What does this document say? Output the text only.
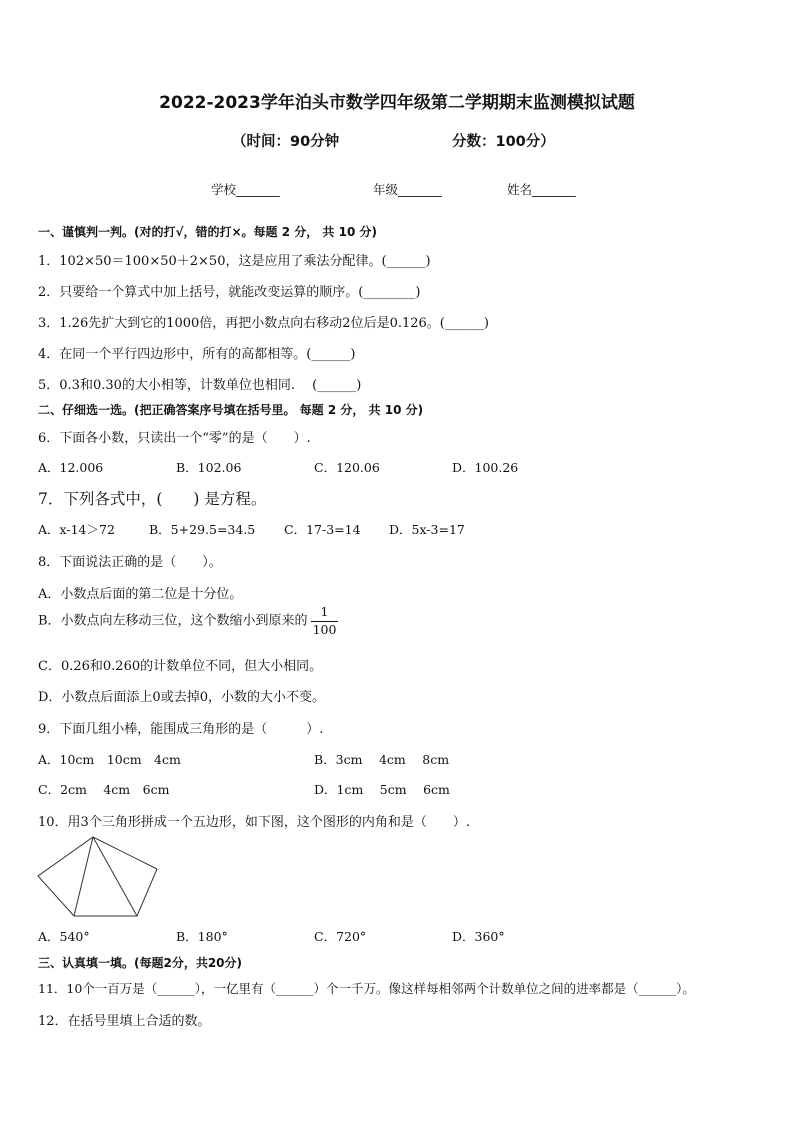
2022-2023学年泊头市数学四年级第二学期期末监测模拟试题
（时间：90分钟	分数：100分）
学校_______	年级_______	姓名_______
一、谨慎判一判。(对的打√，错的打×。每题 2 分， 共 10 分)
1．102×50＝100×50＋2×50，这是应用了乘法分配律。(______)
2．只要给一个算式中加上括号，就能改变运算的顺序。(________)
3．1.26先扩大到它的1000倍，再把小数点向右移动2位后是0.126。(______)
4．在同一个平行四边形中，所有的高都相等。(______)
5．0.3和0.30的大小相等，计数单位也相同.　 (______)
二、仔细选一选。(把正确答案序号填在括号里。 每题 2 分， 共 10 分)
6．下面各小数，只读出一个“零”的是（　　）.
A．12.006	B．102.06	C．120.06	D．100.26
7．下列各式中，(　　) 是方程。
A．x-14＞72	B．5+29.5=34.5 C．17-3=14 D．5x-3=17
8．下面说法正确的是（　　）。
A．小数点后面的第二位是十分位。
B．小数点向左移动三位，这个数缩小到原来的 $\frac{1}{100}$
C．0.26和0.260的计数单位不同，但大小相同。
D．小数点后面添上0或去掉0，小数的大小不变。
9．下面几组小棒，能围成三角形的是（　　　）.
A．10cm　10cm　4cm	B．3cm　 4cm　 8cm
C．2cm　 4cm　6cm	D．1cm　 5cm　 6cm
10．用3个三角形拼成一个五边形，如下图，这个图形的内角和是（　　）.
A．540°	B．180°	C．720°	D．360°
三、认真填一填。(每题2分，共20分)
11．10个一百万是（______），一亿里有（______）个一千万。像这样每相邻两个计数单位之间的进率都是（______）。
12．在括号里填上合适的数。
